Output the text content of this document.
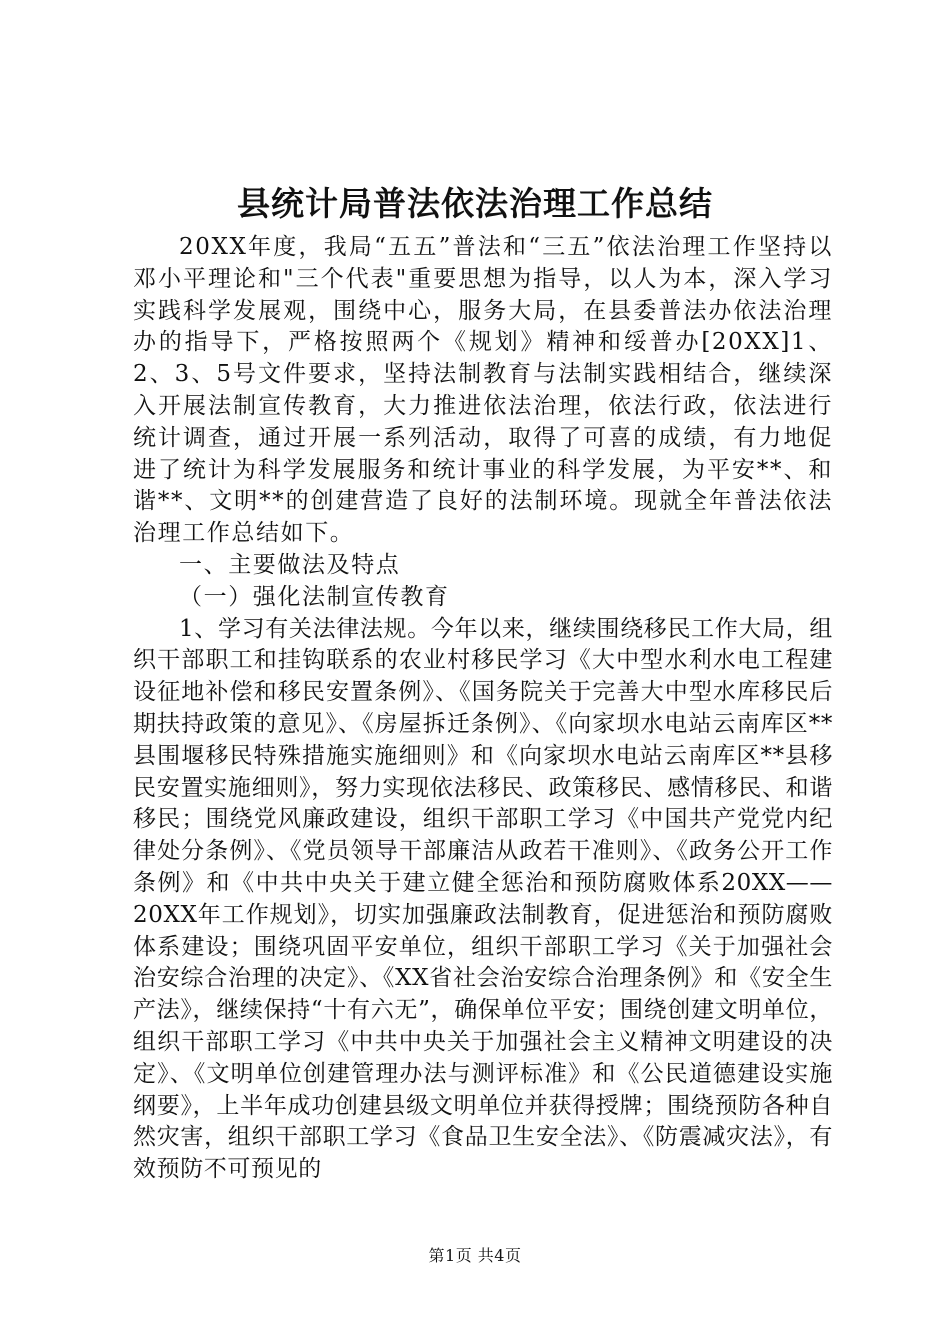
县统计局普法依法治理工作总结

20XX年度，我局“五五”普法和“三五”依法治理工作坚持以邓小平理论和"三个代表"重要思想为指导，以人为本，深入学习实践科学发展观，围绕中心，服务大局，在县委普法办依法治理办的指导下，严格按照两个《规划》精神和绥普办[20XX]1、2、3、5号文件要求，坚持法制教育与法制实践相结合，继续深入开展法制宣传教育，大力推进依法治理，依法行政，依法进行统计调查，通过开展一系列活动，取得了可喜的成绩，有力地促进了统计为科学发展服务和统计事业的科学发展，为平安**、和谐**、文明**的创建营造了良好的法制环境。现就全年普法依法治理工作总结如下。

一、主要做法及特点

（一）强化法制宣传教育

1、学习有关法律法规。今年以来，继续围绕移民工作大局，组织干部职工和挂钩联系的农业村移民学习《大中型水利水电工程建设征地补偿和移民安置条例》、《国务院关于完善大中型水库移民后期扶持政策的意见》、《房屋拆迁条例》、《向家坝水电站云南库区**县围堰移民特殊措施实施细则》和《向家坝水电站云南库区**县移民安置实施细则》，努力实现依法移民、政策移民、感情移民、和谐移民；围绕党风廉政建设，组织干部职工学习《中国共产党党内纪律处分条例》、《党员领导干部廉洁从政若干准则》、《政务公开工作条例》和《中共中央关于建立健全惩治和预防腐败体系20XX——20XX年工作规划》，切实加强廉政法制教育，促进惩治和预防腐败体系建设；围绕巩固平安单位，组织干部职工学习《关于加强社会治安综合治理的决定》、《XX省社会治安综合治理条例》和《安全生产法》，继续保持“十有六无”，确保单位平安；围绕创建文明单位，组织干部职工学习《中共中央关于加强社会主义精神文明建设的决定》、《文明单位创建管理办法与测评标准》和《公民道德建设实施纲要》，上半年成功创建县级文明单位并获得授牌；围绕预防各种自然灾害，组织干部职工学习《食品卫生安全法》、《防震减灾法》，有效预防不可预见的

第1页 共4页
